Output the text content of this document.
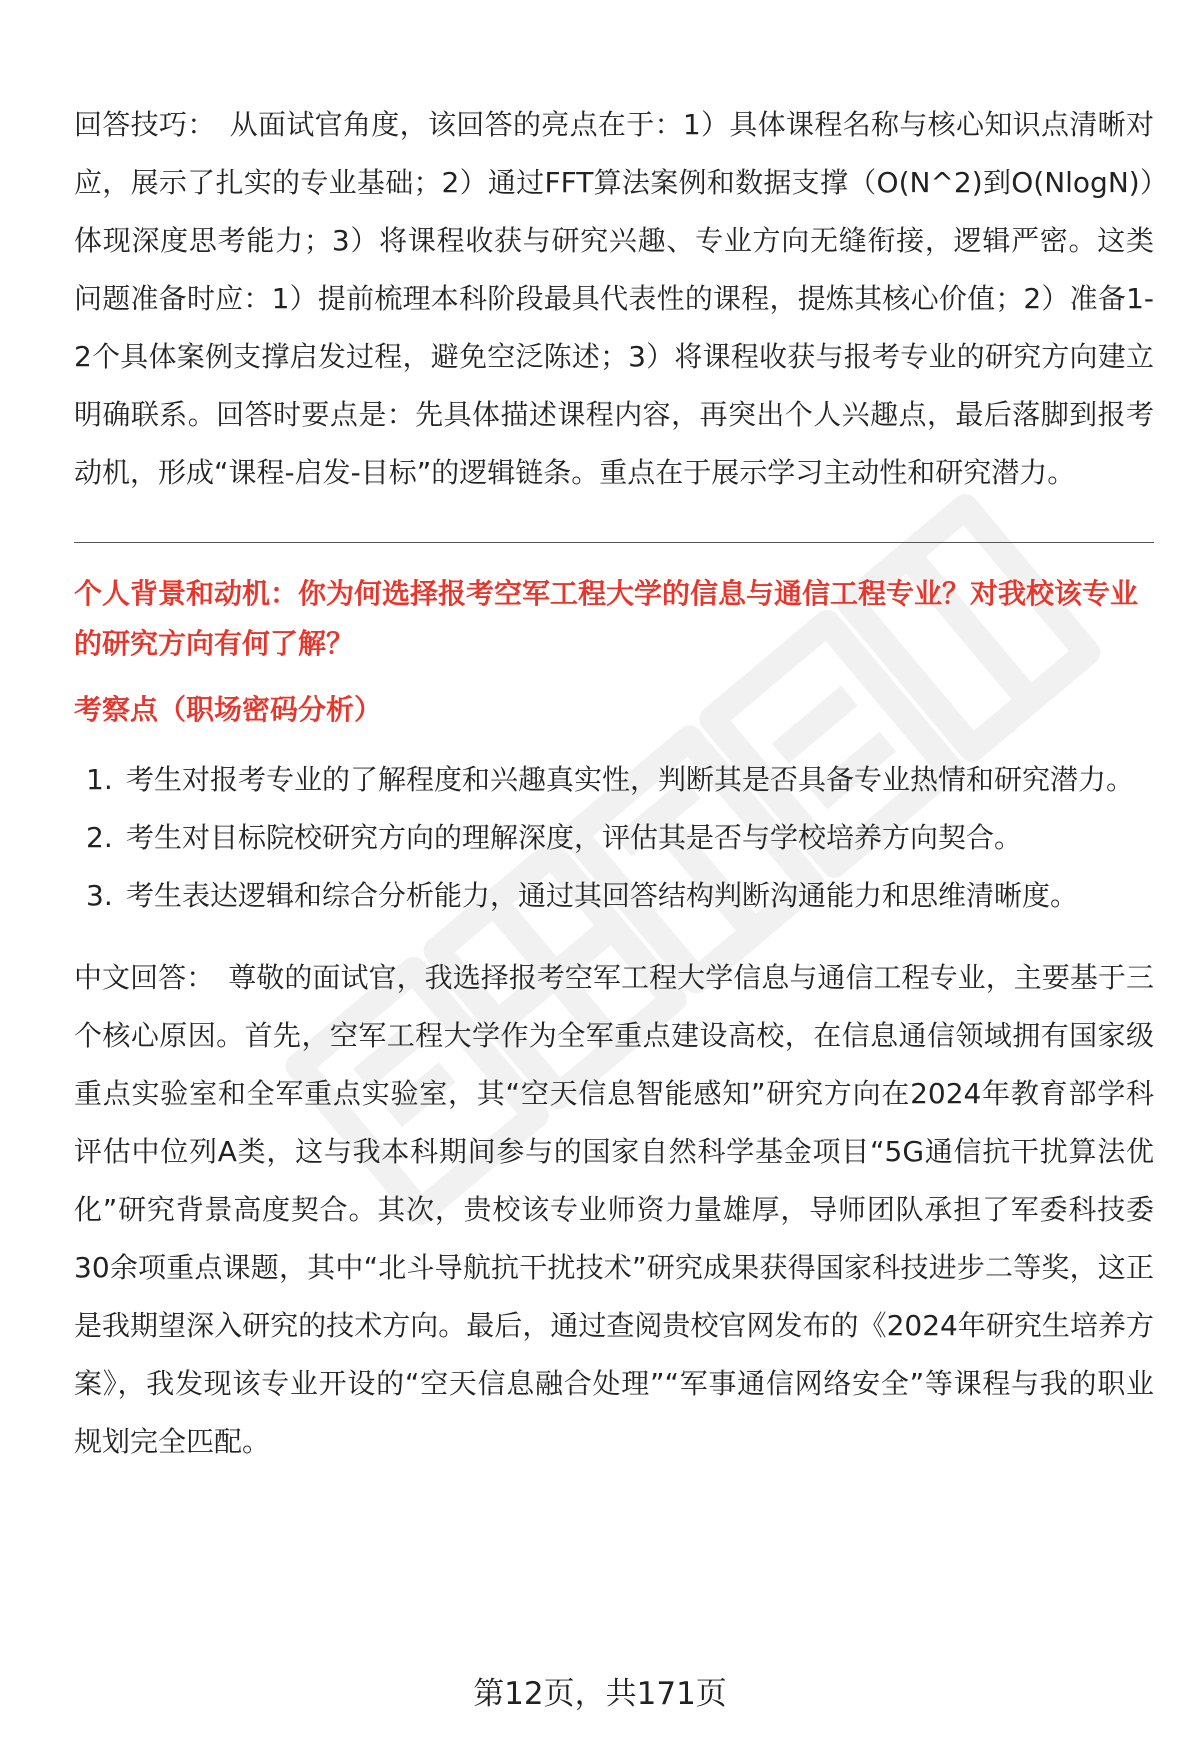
回答技巧： 从面试官角度，该回答的亮点在于：1）具体课程名称与核心知识点清晰对应，展示了扎实的专业基础；2）通过FFT算法案例和数据支撑（O(N^2)到O(NlogN)）体现深度思考能力；3）将课程收获与研究兴趣、专业方向无缝衔接，逻辑严密。这类问题准备时应：1）提前梳理本科阶段最具代表性的课程，提炼其核心价值；2）准备1-2个具体案例支撑启发过程，避免空泛陈述；3）将课程收获与报考专业的研究方向建立明确联系。回答时要点是：先具体描述课程内容，再突出个人兴趣点，最后落脚到报考动机，形成“课程-启发-目标”的逻辑链条。重点在于展示学习主动性和研究潜力。

个人背景和动机：你为何选择报考空军工程大学的信息与通信工程专业？对我校该专业的研究方向有何了解？

考察点（职场密码分析）

1. 考生对报考专业的了解程度和兴趣真实性，判断其是否具备专业热情和研究潜力。
2. 考生对目标院校研究方向的理解深度，评估其是否与学校培养方向契合。
3. 考生表达逻辑和综合分析能力，通过其回答结构判断沟通能力和思维清晰度。

中文回答： 尊敬的面试官，我选择报考空军工程大学信息与通信工程专业，主要基于三个核心原因。首先，空军工程大学作为全军重点建设高校，在信息通信领域拥有国家级重点实验室和全军重点实验室，其“空天信息智能感知”研究方向在2024年教育部学科评估中位列A类，这与我本科期间参与的国家自然科学基金项目“5G通信抗干扰算法优化”研究背景高度契合。其次，贵校该专业师资力量雄厚，导师团队承担了军委科技委30余项重点课题，其中“北斗导航抗干扰技术”研究成果获得国家科技进步二等奖，这正是我期望深入研究的技术方向。最后，通过查阅贵校官网发布的《2024年研究生培养方案》，我发现该专业开设的“空天信息融合处理”“军事通信网络安全”等课程与我的职业规划完全匹配。

第12页，共171页
